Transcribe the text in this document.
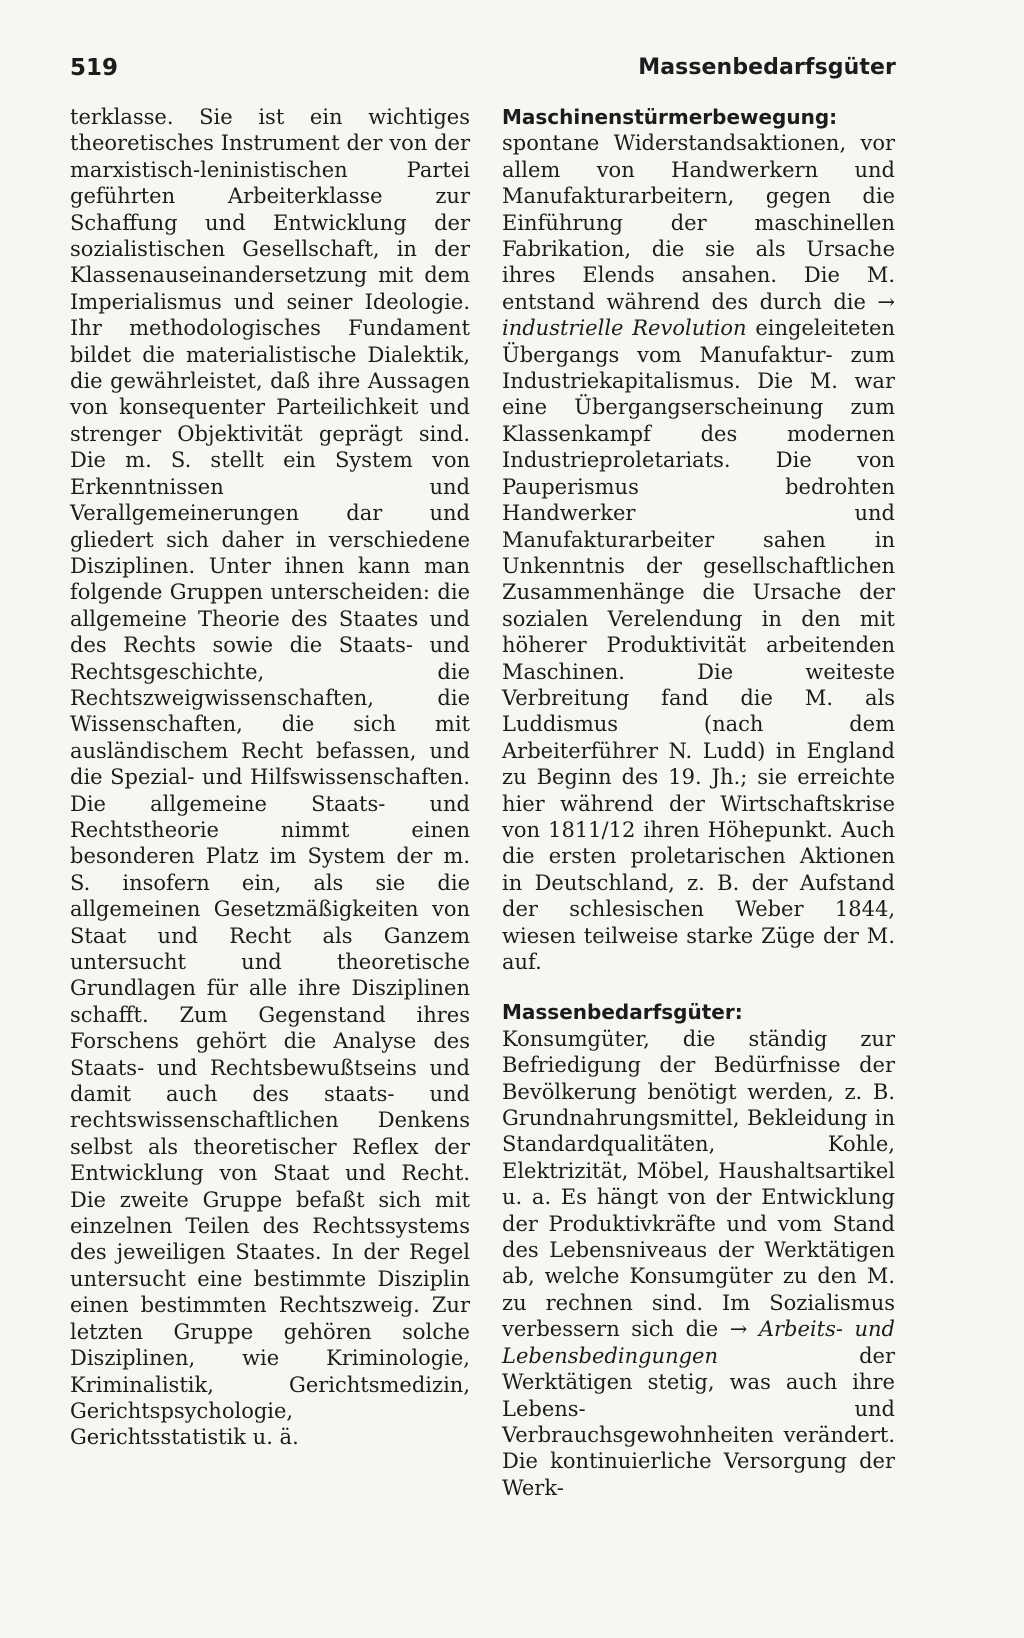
519	Massenbedarfsgüter

terklasse. Sie ist ein wichtiges theoretisches Instrument der von der marxistisch-leninistischen Partei geführten Arbeiterklasse zur Schaffung und Entwicklung der sozialistischen Gesellschaft, in der Klassenauseinandersetzung mit dem Imperialismus und seiner Ideologie. Ihr methodologisches Fundament bildet die materialistische Dialektik, die gewährleistet, daß ihre Aussagen von konsequenter Parteilichkeit und strenger Objektivität geprägt sind. Die m. S. stellt ein System von Erkenntnissen und Verallgemeinerungen dar und gliedert sich daher in verschiedene Disziplinen. Unter ihnen kann man folgende Gruppen unterscheiden: die allgemeine Theorie des Staates und des Rechts sowie die Staats- und Rechtsgeschichte, die Rechtszweigwissenschaften, die Wissenschaften, die sich mit ausländischem Recht befassen, und die Spezial- und Hilfswissenschaften. Die allgemeine Staats- und Rechtstheorie nimmt einen besonderen Platz im System der m. S. insofern ein, als sie die allgemeinen Gesetzmäßigkeiten von Staat und Recht als Ganzem untersucht und theoretische Grundlagen für alle ihre Disziplinen schafft. Zum Gegenstand ihres Forschens gehört die Analyse des Staats- und Rechtsbewußtseins und damit auch des staats- und rechtswissenschaftlichen Denkens selbst als theoretischer Reflex der Entwicklung von Staat und Recht. Die zweite Gruppe befaßt sich mit einzelnen Teilen des Rechtssystems des jeweiligen Staates. In der Regel untersucht eine bestimmte Disziplin einen bestimmten Rechtszweig. Zur letzten Gruppe gehören solche Disziplinen, wie Kriminologie, Kriminalistik, Gerichtsmedizin, Gerichtspsychologie, Gerichtsstatistik u. ä.

Maschinenstürmerbewegung: spontane Widerstandsaktionen, vor allem von Handwerkern und Manufakturarbeitern, gegen die Einführung der maschinellen Fabrikation, die sie als Ursache ihres Elends ansahen. Die M. entstand während des durch die → industrielle Revolution eingeleiteten Übergangs vom Manufaktur- zum Industriekapitalismus. Die M. war eine Übergangserscheinung zum Klassenkampf des modernen Industrieproletariats. Die von Pauperismus bedrohten Handwerker und Manufakturarbeiter sahen in Unkenntnis der gesellschaftlichen Zusammenhänge die Ursache der sozialen Verelendung in den mit höherer Produktivität arbeitenden Maschinen. Die weiteste Verbreitung fand die M. als Luddismus (nach dem Arbeiterführer N. Ludd) in England zu Beginn des 19. Jh.; sie erreichte hier während der Wirtschaftskrise von 1811/12 ihren Höhepunkt. Auch die ersten proletarischen Aktionen in Deutschland, z. B. der Aufstand der schlesischen Weber 1844, wiesen teilweise starke Züge der M. auf.

Massenbedarfsgüter: Konsumgüter, die ständig zur Befriedigung der Bedürfnisse der Bevölkerung benötigt werden, z. B. Grundnahrungsmittel, Bekleidung in Standardqualitäten, Kohle, Elektrizität, Möbel, Haushaltsartikel u. a. Es hängt von der Entwicklung der Produktivkräfte und vom Stand des Lebensniveaus der Werktätigen ab, welche Konsumgüter zu den M. zu rechnen sind. Im Sozialismus verbessern sich die → Arbeits- und Lebensbedingungen	der Werktätigen stetig, was auch ihre Lebens- und Verbrauchsgewohnheiten verändert. Die kontinuierliche Versorgung der Werk-
